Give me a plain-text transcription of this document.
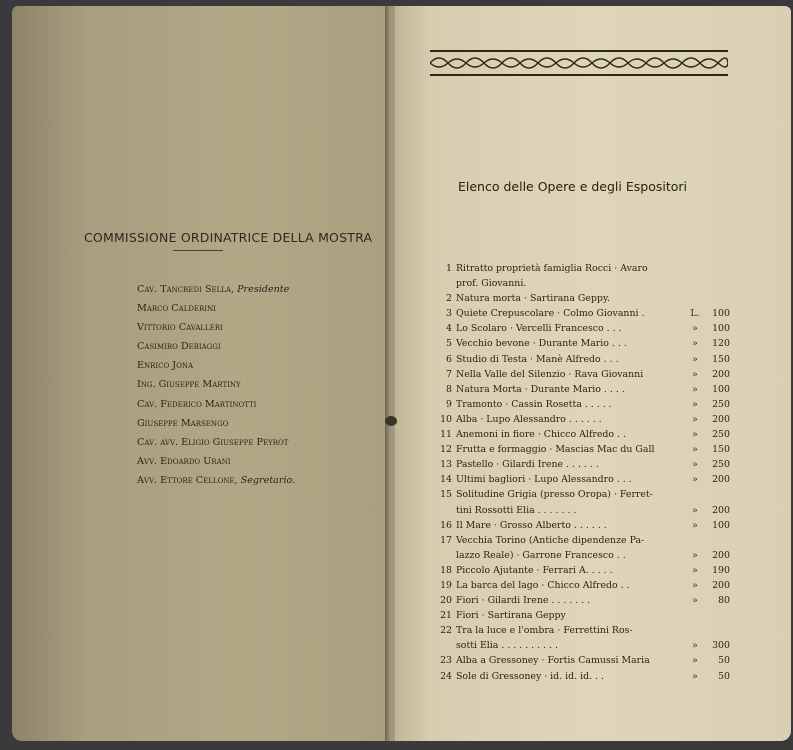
COMMISSIONE ORDINATRICE DELLA MOSTRA
Cav. Tancredi Sella, Presidente
Marco Calderini
Vittorio Cavalleri
Casimiro Debiaggi
Enrico Jona
Ing. Giuseppe Martiny
Cav. Federico Martinotti
Giuseppe Marsengo
Cav. avv. Eligio Giuseppe Peyrot
Avv. Edoardo Urani
Avv. Ettore Cellone, Segretario.
Elenco delle Opere e degli Espositori
1 Ritratto proprietà famiglia Rocci · Avaro
prof. Giovanni.
2 Natura morta · Sartirana Geppy.
3 Quiete Crepuscolare · Colmo Giovanni .	L.	100
4 Lo Scolaro · Vercelli Francesco . . .	»	100
5 Vecchio bevone · Durante Mario . . .	»	120
6 Studio di Testa · Manè Alfredo . . .	»	150
7 Nella Valle del Silenzio · Rava Giovanni	»	200
8 Natura Morta · Durante Mario . . . .	»	100
9 Tramonto · Cassin Rosetta . . . . .	»	250
10 Alba · Lupo Alessandro . . . . . .	»	200
11 Anemoni in fiore · Chicco Alfredo . .	»	250
12 Frutta e formaggio · Mascias Mac du Gall	»	150
13 Pastello · Gilardi Irene . . . . . .	»	250
14 Ultimi bagliori · Lupo Alessandro . . .	»	200
15 Solitudine Grigia (presso Oropa) · Ferret-
tini Rossotti Elia . . . . . . .	»	200
16 Il Mare · Grosso Alberto . . . . . .	»	100
17 Vecchia Torino (Antiche dipendenze Pa-
lazzo Reale) · Garrone Francesco . .	»	200
18 Piccolo Ajutante · Ferrari A. . . . .	»	190
19 La barca del lago · Chicco Alfredo . .	»	200
20 Fiori · Gilardi Irene . . . . . . .	»	80
21 Fiori · Sartirana Geppy
22 Tra la luce e l'ombra · Ferrettini Ros-
sotti Elia . . . . . . . . . .	»	300
23 Alba a Gressoney · Fortis Camussi Maria	»	50
24 Sole di Gressoney · id. id. id. . .	»	50
